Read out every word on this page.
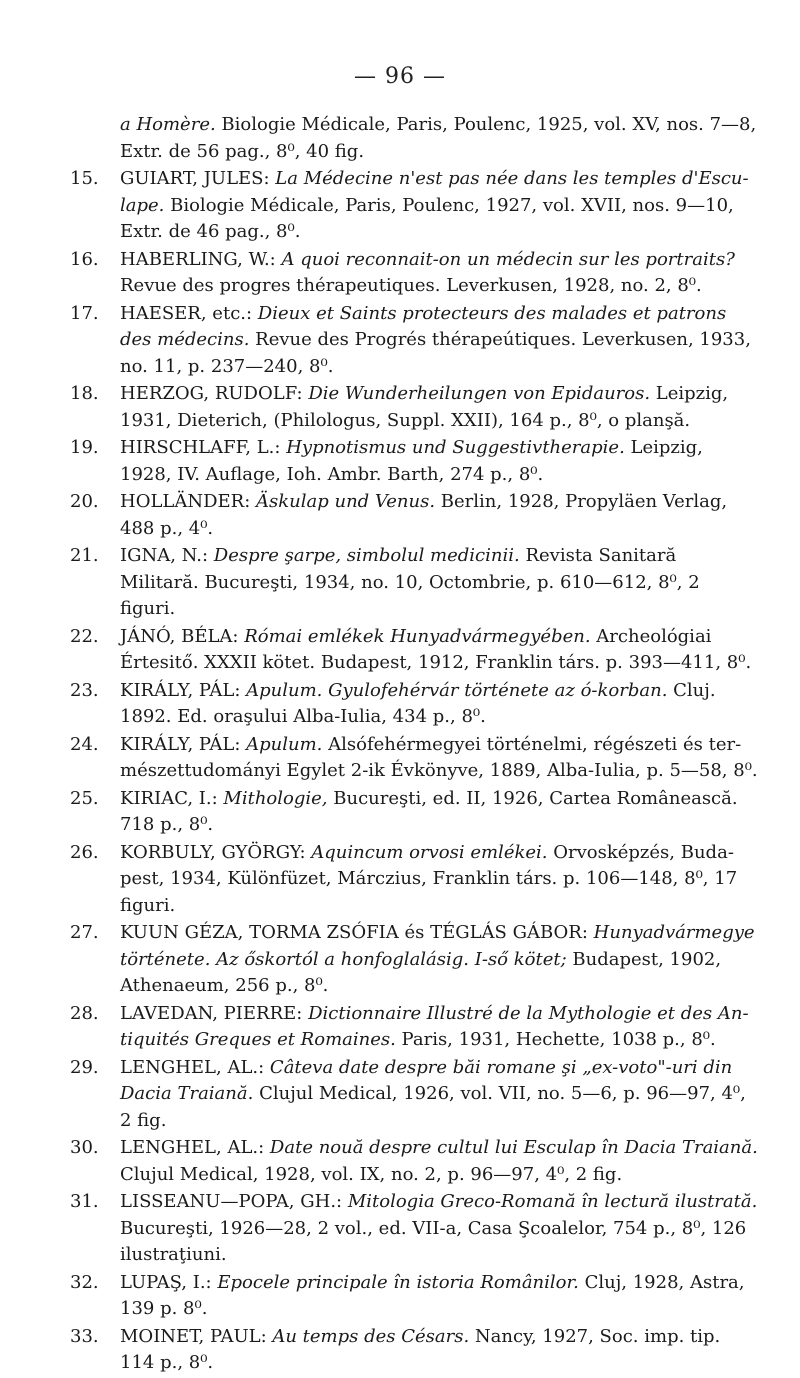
— 96 —
a Homère. Biologie Médicale, Paris, Poulenc, 1925, vol. XV, nos. 7—8, Extr. de 56 pag., 8⁰, 40 fig.
15.	GUIART, JULES: La Médecine n'est pas née dans les temples d'Esculape. Biologie Médicale, Paris, Poulenc, 1927, vol. XVII, nos. 9—10, Extr. de 46 pag., 8⁰.
16.	HABERLING, W.: A quoi reconnait-on un médecin sur les portraits? Revue des progres thérapeutiques. Leverkusen, 1928, no. 2, 8⁰.
17.	HAESER, etc.: Dieux et Saints protecteurs des malades et patrons des médecins. Revue des Progrés thérapeútiques. Leverkusen, 1933, no. 11, p. 237—240, 8⁰.
18.	HERZOG, RUDOLF: Die Wunderheilungen von Epidauros. Leipzig, 1931, Dieterich, (Philologus, Suppl. XXII), 164 p., 8⁰, o planşă.
19.	HIRSCHLAFF, L.: Hypnotismus und Suggestivtherapie. Leipzig, 1928, IV. Auflage, Ioh. Ambr. Barth, 274 p., 8⁰.
20.	HOLLÄNDER: Äskulap und Venus. Berlin, 1928, Propyläen Verlag, 488 p., 4⁰.
21.	IGNA, N.: Despre şarpe, simbolul medicinii. Revista Sanitară Militară. Bucureşti, 1934, no. 10, Octombrie, p. 610—612, 8⁰, 2 figuri.
22.	JÁNÓ, BÉLA: Római emlékek Hunyadvármegyében. Archeológiai Értesitő. XXXII kötet. Budapest, 1912, Franklin társ. p. 393—411, 8⁰.
23.	KIRÁLY, PÁL: Apulum. Gyulofehérvár története az ó-korban. Cluj. 1892. Ed. oraşului Alba-Iulia, 434 p., 8⁰.
24.	KIRÁLY, PÁL: Apulum. Alsófehérmegyei történelmi, régészeti és természettudományi Egylet 2-ik Évkönyve, 1889, Alba-Iulia, p. 5—58, 8⁰.
25.	KIRIAC, I.: Mithologie, Bucureşti, ed. II, 1926, Cartea Românească. 718 p., 8⁰.
26.	KORBULY, GYÖRGY: Aquincum orvosi emlékei. Orvosképzés, Budapest, 1934, Különfüzet, Márczius, Franklin társ. p. 106—148, 8⁰, 17 figuri.
27.	KUUN GÉZA, TORMA ZSÓFIA és TÉGLÁS GÁBOR: Hunyadvármegye története. Az őskortól a honfoglalásig. I-ső kötet; Budapest, 1902, Athenaeum, 256 p., 8⁰.
28.	LAVEDAN, PIERRE: Dictionnaire Illustré de la Mythologie et des Antiquités Greques et Romaines. Paris, 1931, Hechette, 1038 p., 8⁰.
29.	LENGHEL, AL.: Câteva date despre băi romane şi „ex-voto"-uri din Dacia Traiană. Clujul Medical, 1926, vol. VII, no. 5—6, p. 96—97, 4⁰, 2 fig.
30.	LENGHEL, AL.: Date nouă despre cultul lui Esculap în Dacia Traiană. Clujul Medical, 1928, vol. IX, no. 2, p. 96—97, 4⁰, 2 fig.
31.	LISSEANU—POPA, GH.: Mitologia Greco-Romană în lectură ilustrată. Bucureşti, 1926—28, 2 vol., ed. VII-a, Casa Şcoalelor, 754 p., 8⁰, 126 ilustraţiuni.
32.	LUPAŞ, I.: Epocele principale în istoria Românilor. Cluj, 1928, Astra, 139 p. 8⁰.
33.	MOINET, PAUL: Au temps des Césars. Nancy, 1927, Soc. imp. tip. 114 p., 8⁰.
